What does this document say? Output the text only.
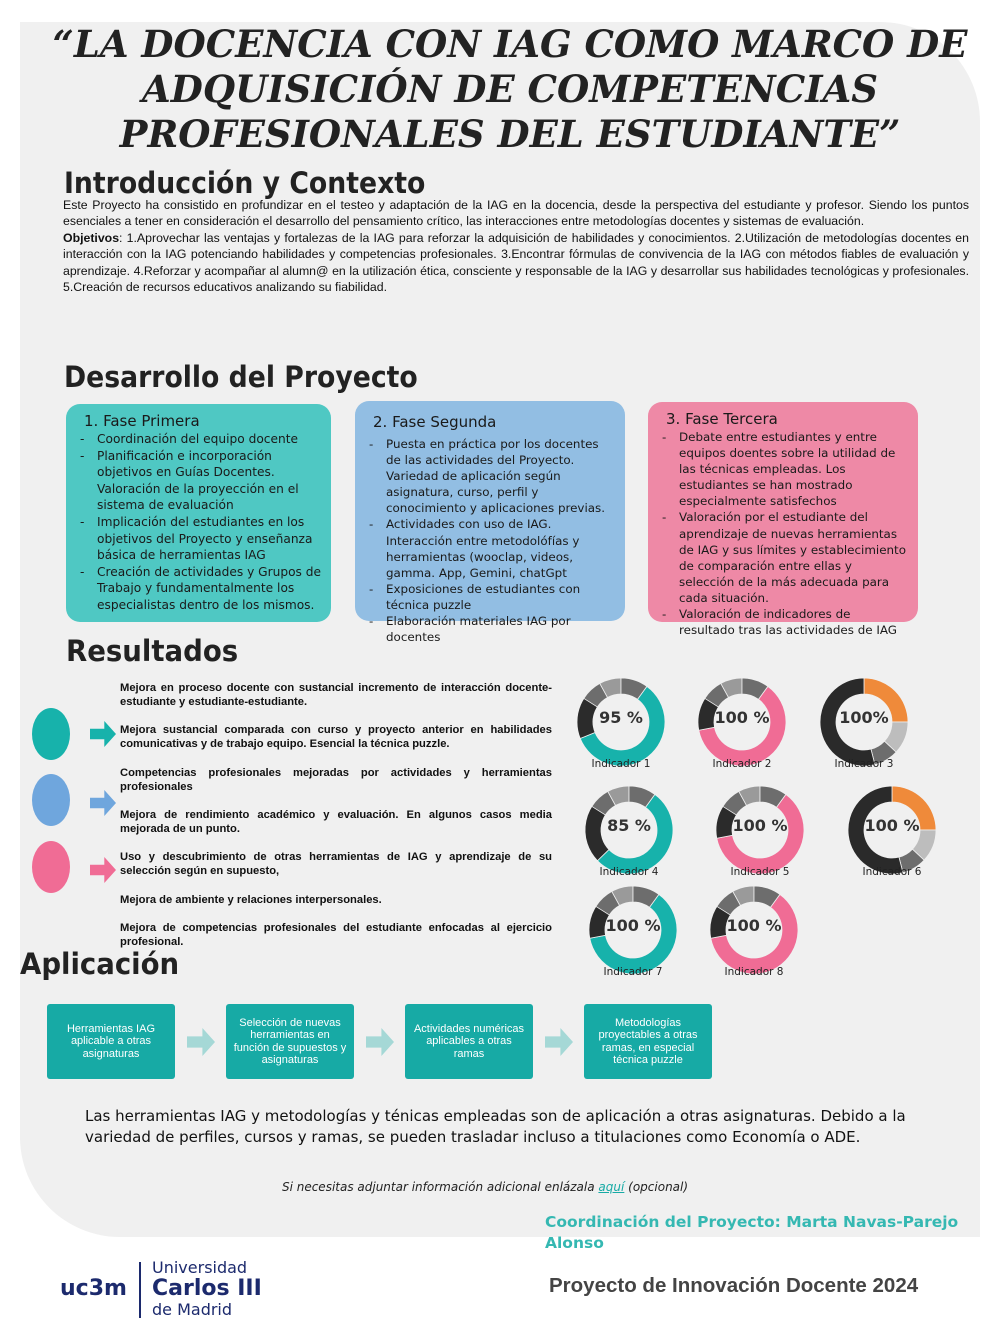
“LA DOCENCIA CON IAG COMO MARCO DE ADQUISICIÓN DE COMPETENCIAS PROFESIONALES DEL ESTUDIANTE”
Introducción y Contexto

Este Proyecto ha consistido en profundizar en el testeo y adaptación de la IAG en la docencia, desde la perspectiva del estudiante y profesor. Siendo los puntos esenciales a tener en consideración el desarrollo del pensamiento crítico, las interacciones entre metodologías docentes y sistemas de evaluación.

Objetivos: 1.Aprovechar las ventajas y fortalezas de la IAG para reforzar la adquisición de habilidades y conocimientos. 2.Utilización de metodologías docentes en interacción con la IAG potenciando habilidades y competencias profesionales. 3.Encontrar fórmulas de convivencia de la IAG con métodos fiables de evaluación y aprendizaje. 4.Reforzar y acompañar al alumn@ en la utilización ética, consciente y responsable de la IAG y desarrollar sus habilidades tecnológicas y profesionales. 5.Creación de recursos educativos analizando su fiabilidad.

Desarrollo del Proyecto
1. Fase Primera
- Coordinación del equipo docente
- Planificación e incorporación objetivos en Guías Docentes. Valoración de la proyección en el sistema de evaluación
- Implicación del estudiantes en los objetivos del Proyecto y enseñanza básica de herramientas IAG
- Creación de actividades y Grupos de Trabajo y fundamentalmente los especialistas dentro de los mismos.
2. Fase Segunda
- Puesta en práctica por los docentes de las actividades del Proyecto. Variedad de aplicación según asignatura, curso, perfil y conocimiento y aplicaciones previas.
- Actividades con uso de IAG. Interacción entre metodolófías y herramientas (wooclap, videos, gamma. App, Gemini, chatGpt
- Exposiciones de estudiantes con técnica puzzle
- Elaboración materiales IAG por docentes
3. Fase Tercera
- Debate entre estudiantes y entre equipos doentes sobre la utilidad de las técnicas empleadas. Los estudiantes se han mostrado especialmente satisfechos
- Valoración por el estudiante del aprendizaje de nuevas herramientas de IAG y sus límites y establecimiento de comparación entre ellas y selección de la más adecuada para cada situación.
- Valoración de indicadores de resultado tras las actividades de IAG
Resultados
Mejora en proceso docente con sustancial incremento de interacción docente-estudiante y estudiante-estudiante.
Mejora sustancial comparada con curso y proyecto anterior en habilidades comunicativas y de trabajo equipo. Esencial la técnica puzzle.
Competencias profesionales mejoradas por actividades y herramientas profesionales
Mejora de rendimiento académico y evaluación. En algunos casos media mejorada de un punto.
Uso y descubrimiento de otras herramientas de IAG y aprendizaje de su selección según en supuesto,
Mejora de ambiente y relaciones interpersonales.
Mejora de competencias profesionales del estudiante enfocadas al ejercicio profesional.
95 %
Indicador 1
100 %
Indicador 2
100%
Indicador 3
85 %
Indicador 4
100 %
Indicador 5
100 %
Indicador 6
100 %
Indicador 7
100 %
Indicador 8
Aplicación
Herramientas IAG aplicable a otras asignaturas
Selección de nuevas herramientas en función de supuestos y asignaturas
Actividades numéricas aplicables a otras ramas
Metodologías proyectables a otras ramas, en especial técnica puzzle
Las herramientas IAG y metodologías y ténicas empleadas son de aplicación a otras asignaturas. Debido a la variedad de perfiles, cursos y ramas, se pueden trasladar incluso a titulaciones como Economía o ADE.
Si necesitas adjuntar información adicional enlázala aquí (opcional)
Coordinación del Proyecto: Marta Navas-Parejo Alonso
uc3m
Universidad
Carlos III
de Madrid
Proyecto de Innovación Docente 2024
